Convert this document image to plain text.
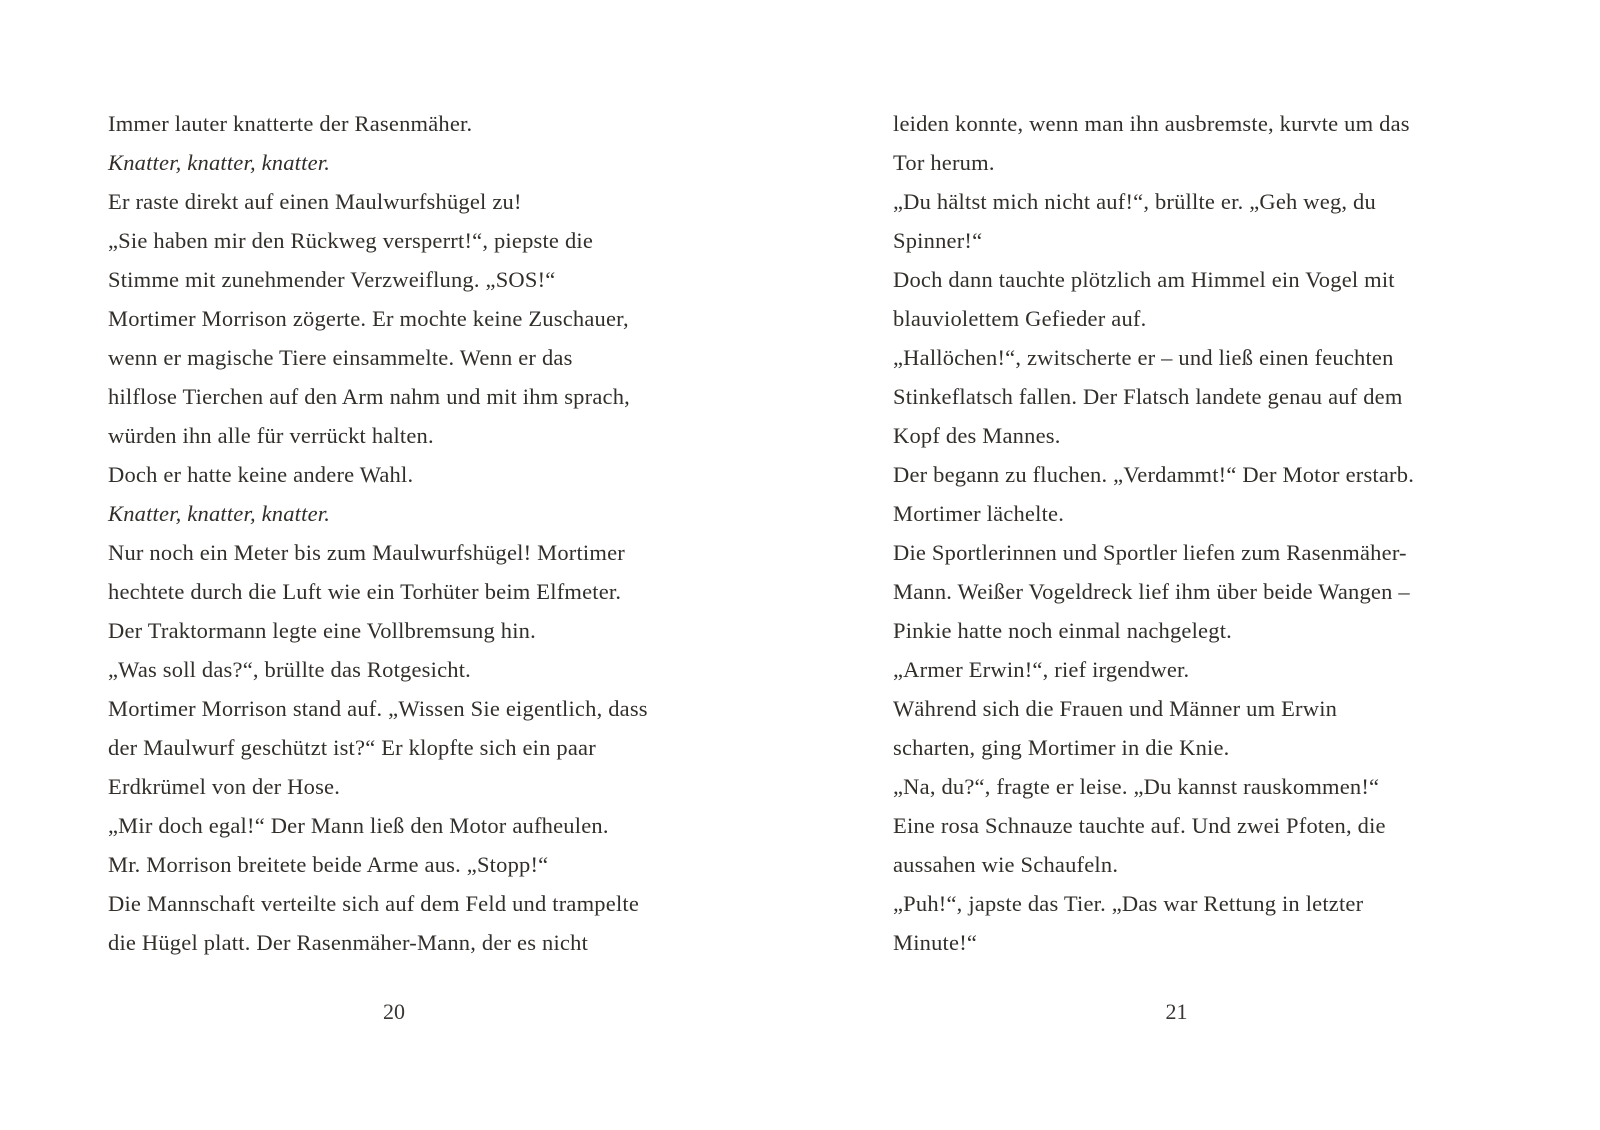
Immer lauter knatterte der Rasenmäher.
Knatter, knatter, knatter.
Er raste direkt auf einen Maulwurfshügel zu!
„Sie haben mir den Rückweg versperrt!“, piepste die
Stimme mit zunehmender Verzweiflung. „SOS!“
Mortimer Morrison zögerte. Er mochte keine Zuschauer,
wenn er magische Tiere einsammelte. Wenn er das
hilflose Tierchen auf den Arm nahm und mit ihm sprach,
würden ihn alle für verrückt halten.
Doch er hatte keine andere Wahl.
Knatter, knatter, knatter.
Nur noch ein Meter bis zum Maulwurfshügel! Mortimer
hechtete durch die Luft wie ein Torhüter beim Elfmeter.
Der Traktormann legte eine Vollbremsung hin.
„Was soll das?“, brüllte das Rotgesicht.
Mortimer Morrison stand auf. „Wissen Sie eigentlich, dass
der Maulwurf geschützt ist?“ Er klopfte sich ein paar
Erdkrümel von der Hose.
„Mir doch egal!“ Der Mann ließ den Motor aufheulen.
Mr. Morrison breitete beide Arme aus. „Stopp!“
Die Mannschaft verteilte sich auf dem Feld und trampelte
die Hügel platt. Der Rasenmäher-Mann, der es nicht
20
leiden konnte, wenn man ihn ausbremste, kurvte um das
Tor herum.
„Du hältst mich nicht auf!“, brüllte er. „Geh weg, du
Spinner!“
Doch dann tauchte plötzlich am Himmel ein Vogel mit
blauviolettem Gefieder auf.
„Hallöchen!“, zwitscherte er – und ließ einen feuchten
Stinkeflatsch fallen. Der Flatsch landete genau auf dem
Kopf des Mannes.
Der begann zu fluchen. „Verdammt!“ Der Motor erstarb.
Mortimer lächelte.
Die Sportlerinnen und Sportler liefen zum Rasenmäher-
Mann. Weißer Vogeldreck lief ihm über beide Wangen –
Pinkie hatte noch einmal nachgelegt.
„Armer Erwin!“, rief irgendwer.
Während sich die Frauen und Männer um Erwin
scharten, ging Mortimer in die Knie.
„Na, du?“, fragte er leise. „Du kannst rauskommen!“
Eine rosa Schnauze tauchte auf. Und zwei Pfoten, die
aussahen wie Schaufeln.
„Puh!“, japste das Tier. „Das war Rettung in letzter
Minute!“
21
